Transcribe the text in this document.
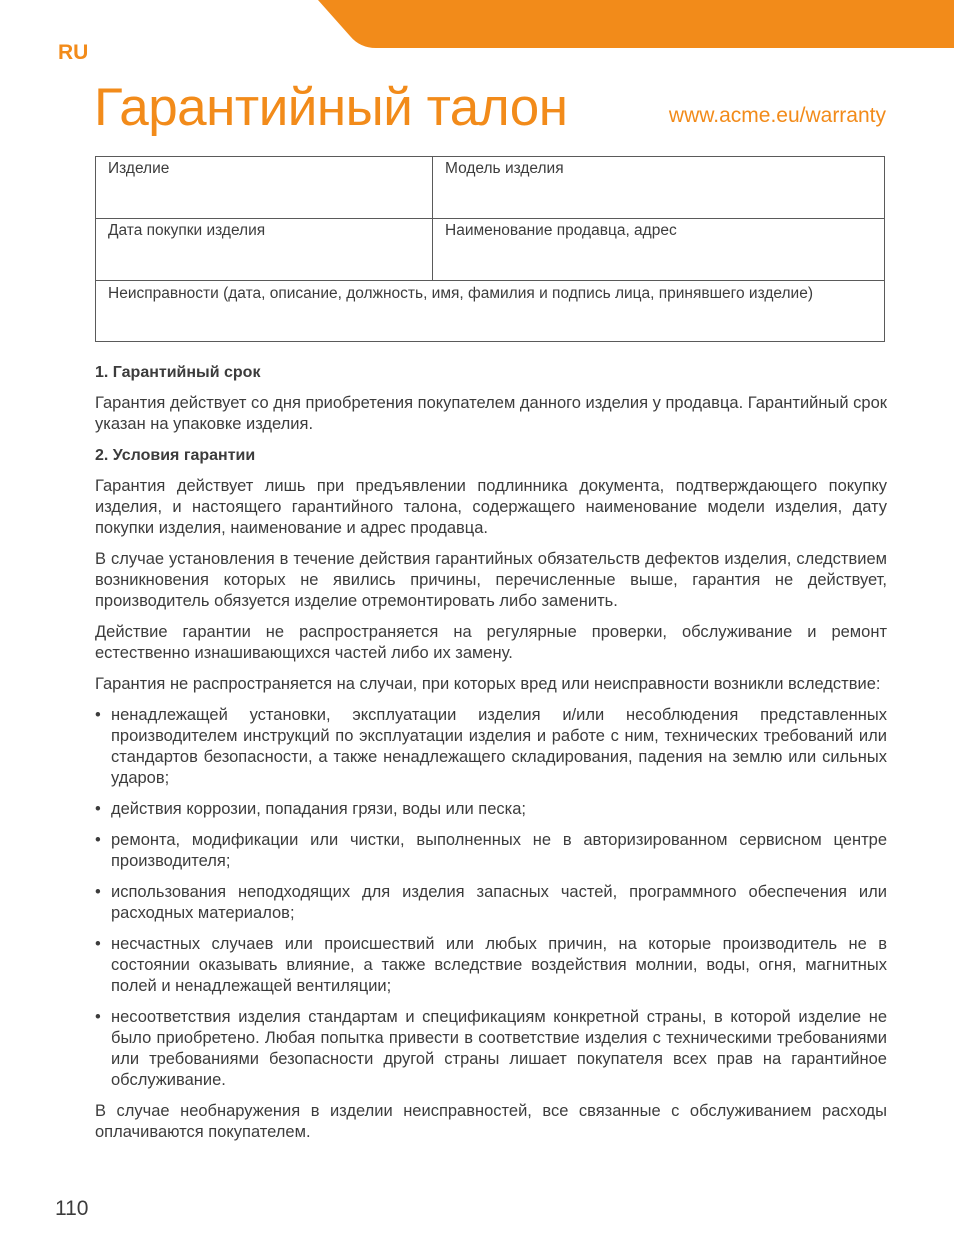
RU
Гарантийный талон	www.acme.eu/warranty
Изделие	Модель изделия
Дата покупки изделия	Наименование продавца, адрес
Неисправности (дата, описание, должность, имя, фамилия и подпись лица, принявшего изделие)	
1. Гарантийный срок

Гарантия действует со дня приобретения покупателем данного изделия у продавца. Гарантийный срок указан на упаковке изделия.

2. Условия гарантии

Гарантия действует лишь при предъявлении подлинника документа, подтверждающего покупку изделия, и настоящего гарантийного талона, содержащего наименование модели изделия, дату покупки изделия, наименование и адрес продавца.

В случае установления в течение действия гарантийных обязательств дефектов изделия, следствием возникновения которых не явились причины, перечисленные выше, гарантия не действует, производитель обязуется изделие отремонтировать либо заменить.

Действие гарантии не распространяется на регулярные проверки, обслуживание и ремонт естественно изнашивающихся частей либо их замену.

Гарантия не распространяется на случаи, при которых вред или неисправности возникли вследствие:

• ненадлежащей установки, эксплуатации изделия и/или несоблюдения представленных производителем инструкций по эксплуатации изделия и работе с ним, технических требований или стандартов безопасности, а также ненадлежащего складирования, падения на землю или сильных ударов;
• действия коррозии, попадания грязи, воды или песка;
• ремонта, модификации или чистки, выполненных не в авторизированном сервисном центре производителя;
• использования неподходящих для изделия запасных частей, программного обеспечения или расходных материалов;
• несчастных случаев или происшествий или любых причин, на которые производитель не в состоянии оказывать влияние, а также вследствие воздействия молнии, воды, огня, магнитных полей и ненадлежащей вентиляции;
• несоответствия изделия стандартам и спецификациям конкретной страны, в которой изделие не было приобретено. Любая попытка привести в соответствие изделия с техническими требованиями или требованиями безопасности другой страны лишает покупателя всех прав на гарантийное обслуживание.

В случае необнаружения в изделии неисправностей, все связанные с обслуживанием расходы оплачиваются покупателем.

110
